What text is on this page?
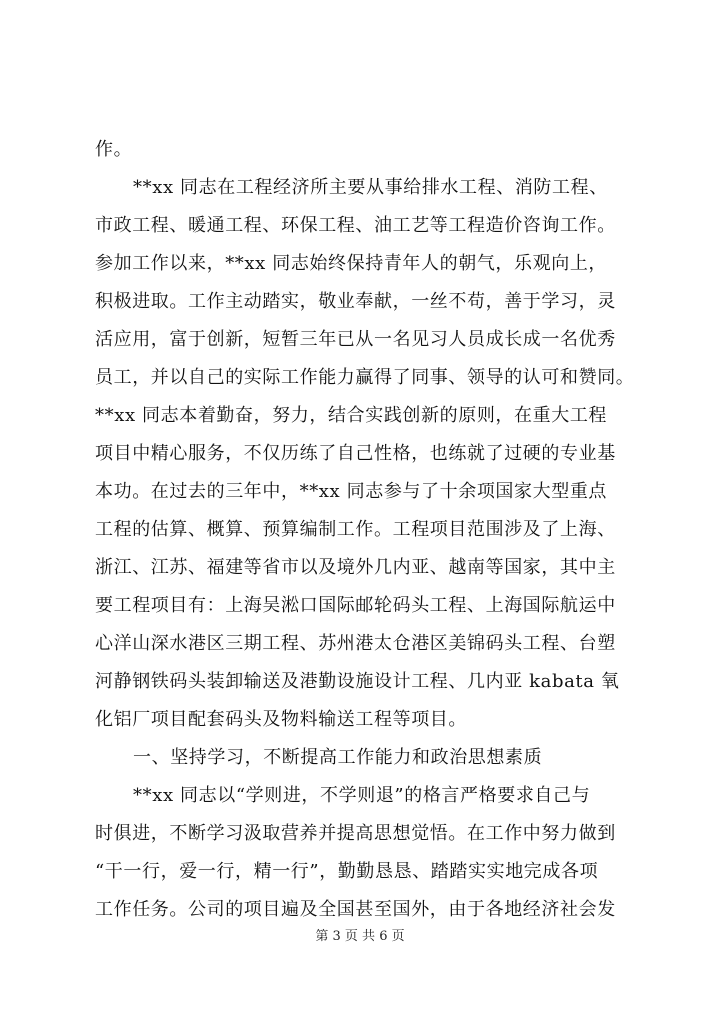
作。
**xx 同志在工程经济所主要从事给排水工程、消防工程、
市政工程、暖通工程、环保工程、油工艺等工程造价咨询工作。
参加工作以来，**xx 同志始终保持青年人的朝气，乐观向上，
积极进取。工作主动踏实，敬业奉献，一丝不苟，善于学习，灵
活应用，富于创新，短暂三年已从一名见习人员成长成一名优秀
员工，并以自己的实际工作能力赢得了同事、领导的认可和赞同。
**xx 同志本着勤奋，努力，结合实践创新的原则，在重大工程
项目中精心服务，不仅历练了自己性格，也练就了过硬的专业基
本功。在过去的三年中，**xx 同志参与了十余项国家大型重点
工程的估算、概算、预算编制工作。工程项目范围涉及了上海、
浙江、江苏、福建等省市以及境外几内亚、越南等国家，其中主
要工程项目有：上海吴淞口国际邮轮码头工程、上海国际航运中
心洋山深水港区三期工程、苏州港太仓港区美锦码头工程、台塑
河静钢铁码头装卸输送及港勤设施设计工程、几内亚 kabata 氧
化铝厂项目配套码头及物料输送工程等项目。
一、坚持学习，不断提高工作能力和政治思想素质
**xx 同志以“学则进，不学则退”的格言严格要求自己与
时俱进，不断学习汲取营养并提高思想觉悟。在工作中努力做到
“干一行，爱一行，精一行”，勤勤恳恳、踏踏实实地完成各项
工作任务。公司的项目遍及全国甚至国外，由于各地经济社会发
第 3 页 共 6 页
